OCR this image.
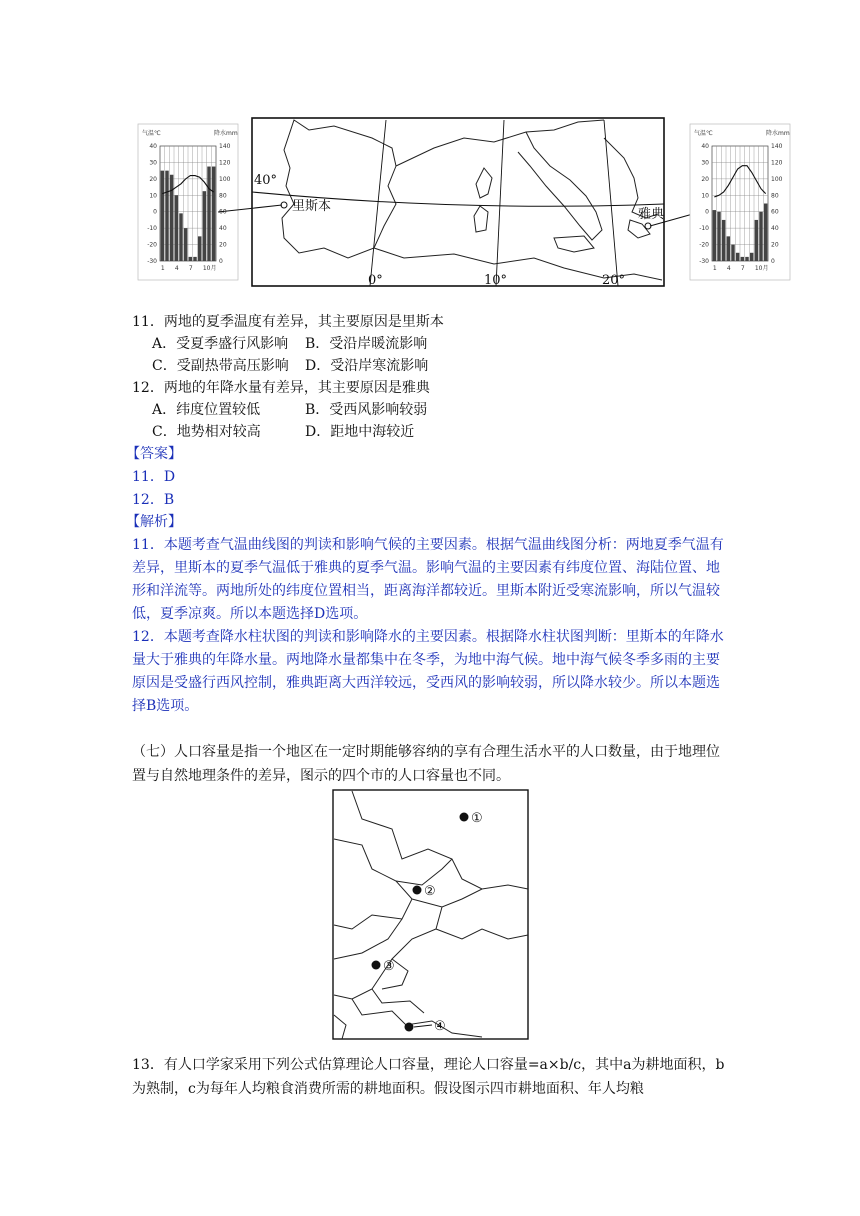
气温℃	降水mm
40
30
20
10
0
-10
-20
-30
140
120
100
80
60
40
20
0
1 4 7 10月
40°
里斯本
雅典
0°	10°	20°
气温℃	降水mm
40
30
20
10
0
-10
-20
-30
140
120
100
80
60
40
20
0
1 4 7 10月
11．两地的夏季温度有差异，其主要原因是里斯本
A．受夏季盛行风影响 B．受沿岸暖流影响
C．受副热带高压影响 D．受沿岸寒流影响
12．两地的年降水量有差异，其主要原因是雅典
A．纬度位置较低	B．受西风影响较弱
C．地势相对较高	D．距地中海较近
【答案】
11．D
12．B
【解析】
11．本题考查气温曲线图的判读和影响气候的主要因素。根据气温曲线图分析：两地夏季气温有差异，里斯本的夏季气温低于雅典的夏季气温。影响气温的主要因素有纬度位置、海陆位置、地形和洋流等。两地所处的纬度位置相当，距离海洋都较近。里斯本附近受寒流影响，所以气温较低，夏季凉爽。所以本题选择D选项。
12．本题考查降水柱状图的判读和影响降水的主要因素。根据降水柱状图判断：里斯本的年降水量大于雅典的年降水量。两地降水量都集中在冬季，为地中海气候。地中海气候冬季多雨的主要原因是受盛行西风控制，雅典距离大西洋较远，受西风的影响较弱，所以降水较少。所以本题选择B选项。
（七）人口容量是指一个地区在一定时期能够容纳的享有合理生活水平的人口数量，由于地理位置与自然地理条件的差异，图示的四个市的人口容量也不同。
①
②
③
④
13．有人口学家采用下列公式估算理论人口容量，理论人口容量=a×b/c，其中a为耕地面积，b为熟制，c为每年人均粮食消费所需的耕地面积。假设图示四市耕地面积、年人均粮
